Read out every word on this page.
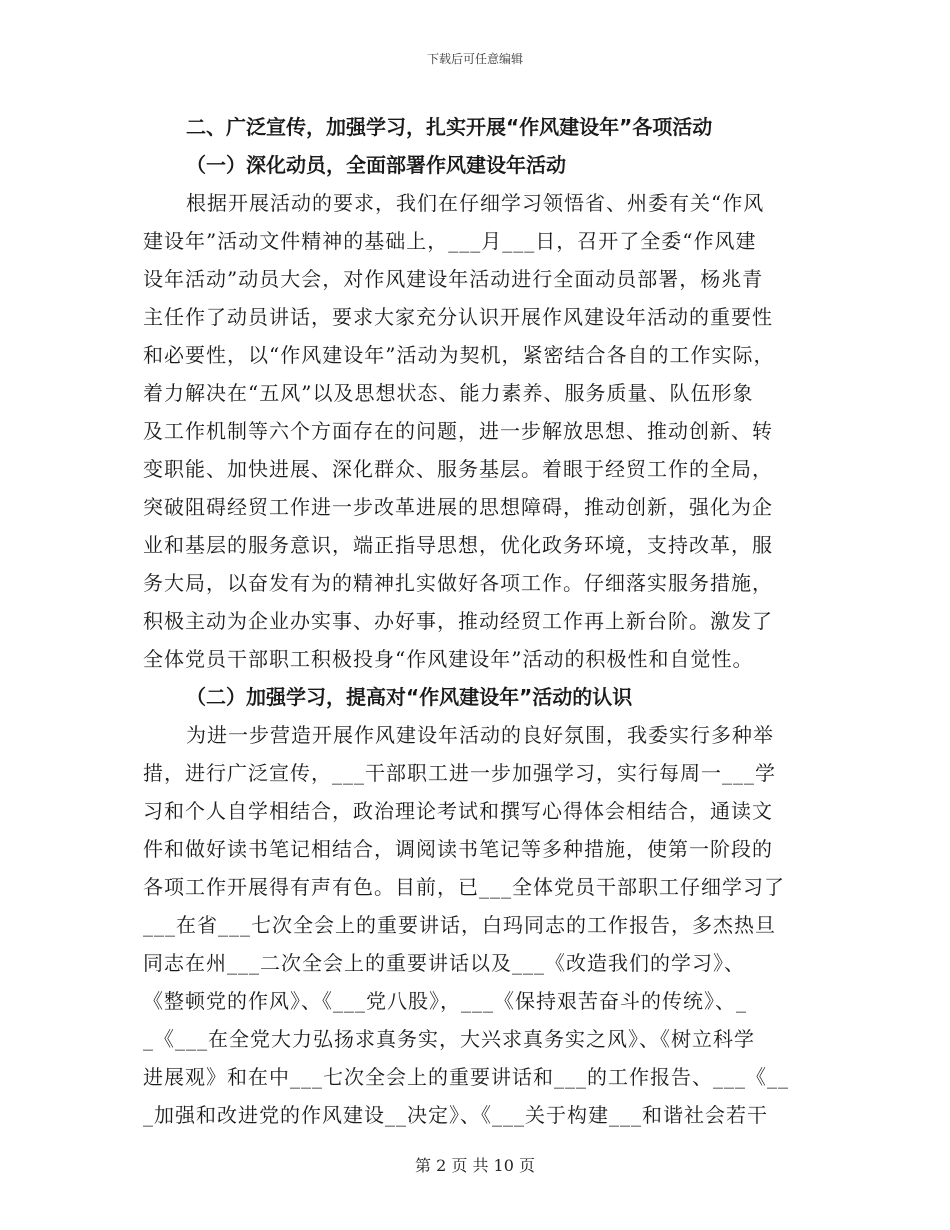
下载后可任意编辑
二、广泛宣传，加强学习，扎实开展“作风建设年”各项活动
（一）深化动员，全面部署作风建设年活动
根据开展活动的要求，我们在仔细学习领悟省、州委有关“作风
建设年”活动文件精神的基础上，___月___日，召开了全委“作风建
设年活动”动员大会，对作风建设年活动进行全面动员部署，杨兆青
主任作了动员讲话，要求大家充分认识开展作风建设年活动的重要性
和必要性，以“作风建设年”活动为契机，紧密结合各自的工作实际，
着力解决在“五风”以及思想状态、能力素养、服务质量、队伍形象
及工作机制等六个方面存在的问题，进一步解放思想、推动创新、转
变职能、加快进展、深化群众、服务基层。着眼于经贸工作的全局，
突破阻碍经贸工作进一步改革进展的思想障碍，推动创新，强化为企
业和基层的服务意识，端正指导思想，优化政务环境，支持改革，服
务大局，以奋发有为的精神扎实做好各项工作。仔细落实服务措施，
积极主动为企业办实事、办好事，推动经贸工作再上新台阶。激发了
全体党员干部职工积极投身“作风建设年”活动的积极性和自觉性。
（二）加强学习，提高对“作风建设年”活动的认识
为进一步营造开展作风建设年活动的良好氛围，我委实行多种举
措，进行广泛宣传，___干部职工进一步加强学习，实行每周一___学
习和个人自学相结合，政治理论考试和撰写心得体会相结合，通读文
件和做好读书笔记相结合，调阅读书笔记等多种措施，使第一阶段的
各项工作开展得有声有色。目前，已___全体党员干部职工仔细学习了
___在省___七次全会上的重要讲话，白玛同志的工作报告，多杰热旦
同志在州___二次全会上的重要讲话以及___《改造我们的学习》、
《整顿党的作风》、《___党八股》，___《保持艰苦奋斗的传统》、_
_《___在全党大力弘扬求真务实，大兴求真务实之风》、《树立科学
进展观》和在中___七次全会上的重要讲话和___的工作报告、___《__
_加强和改进党的作风建设__决定》、《___关于构建___和谐社会若干
第 2 页 共 10 页
